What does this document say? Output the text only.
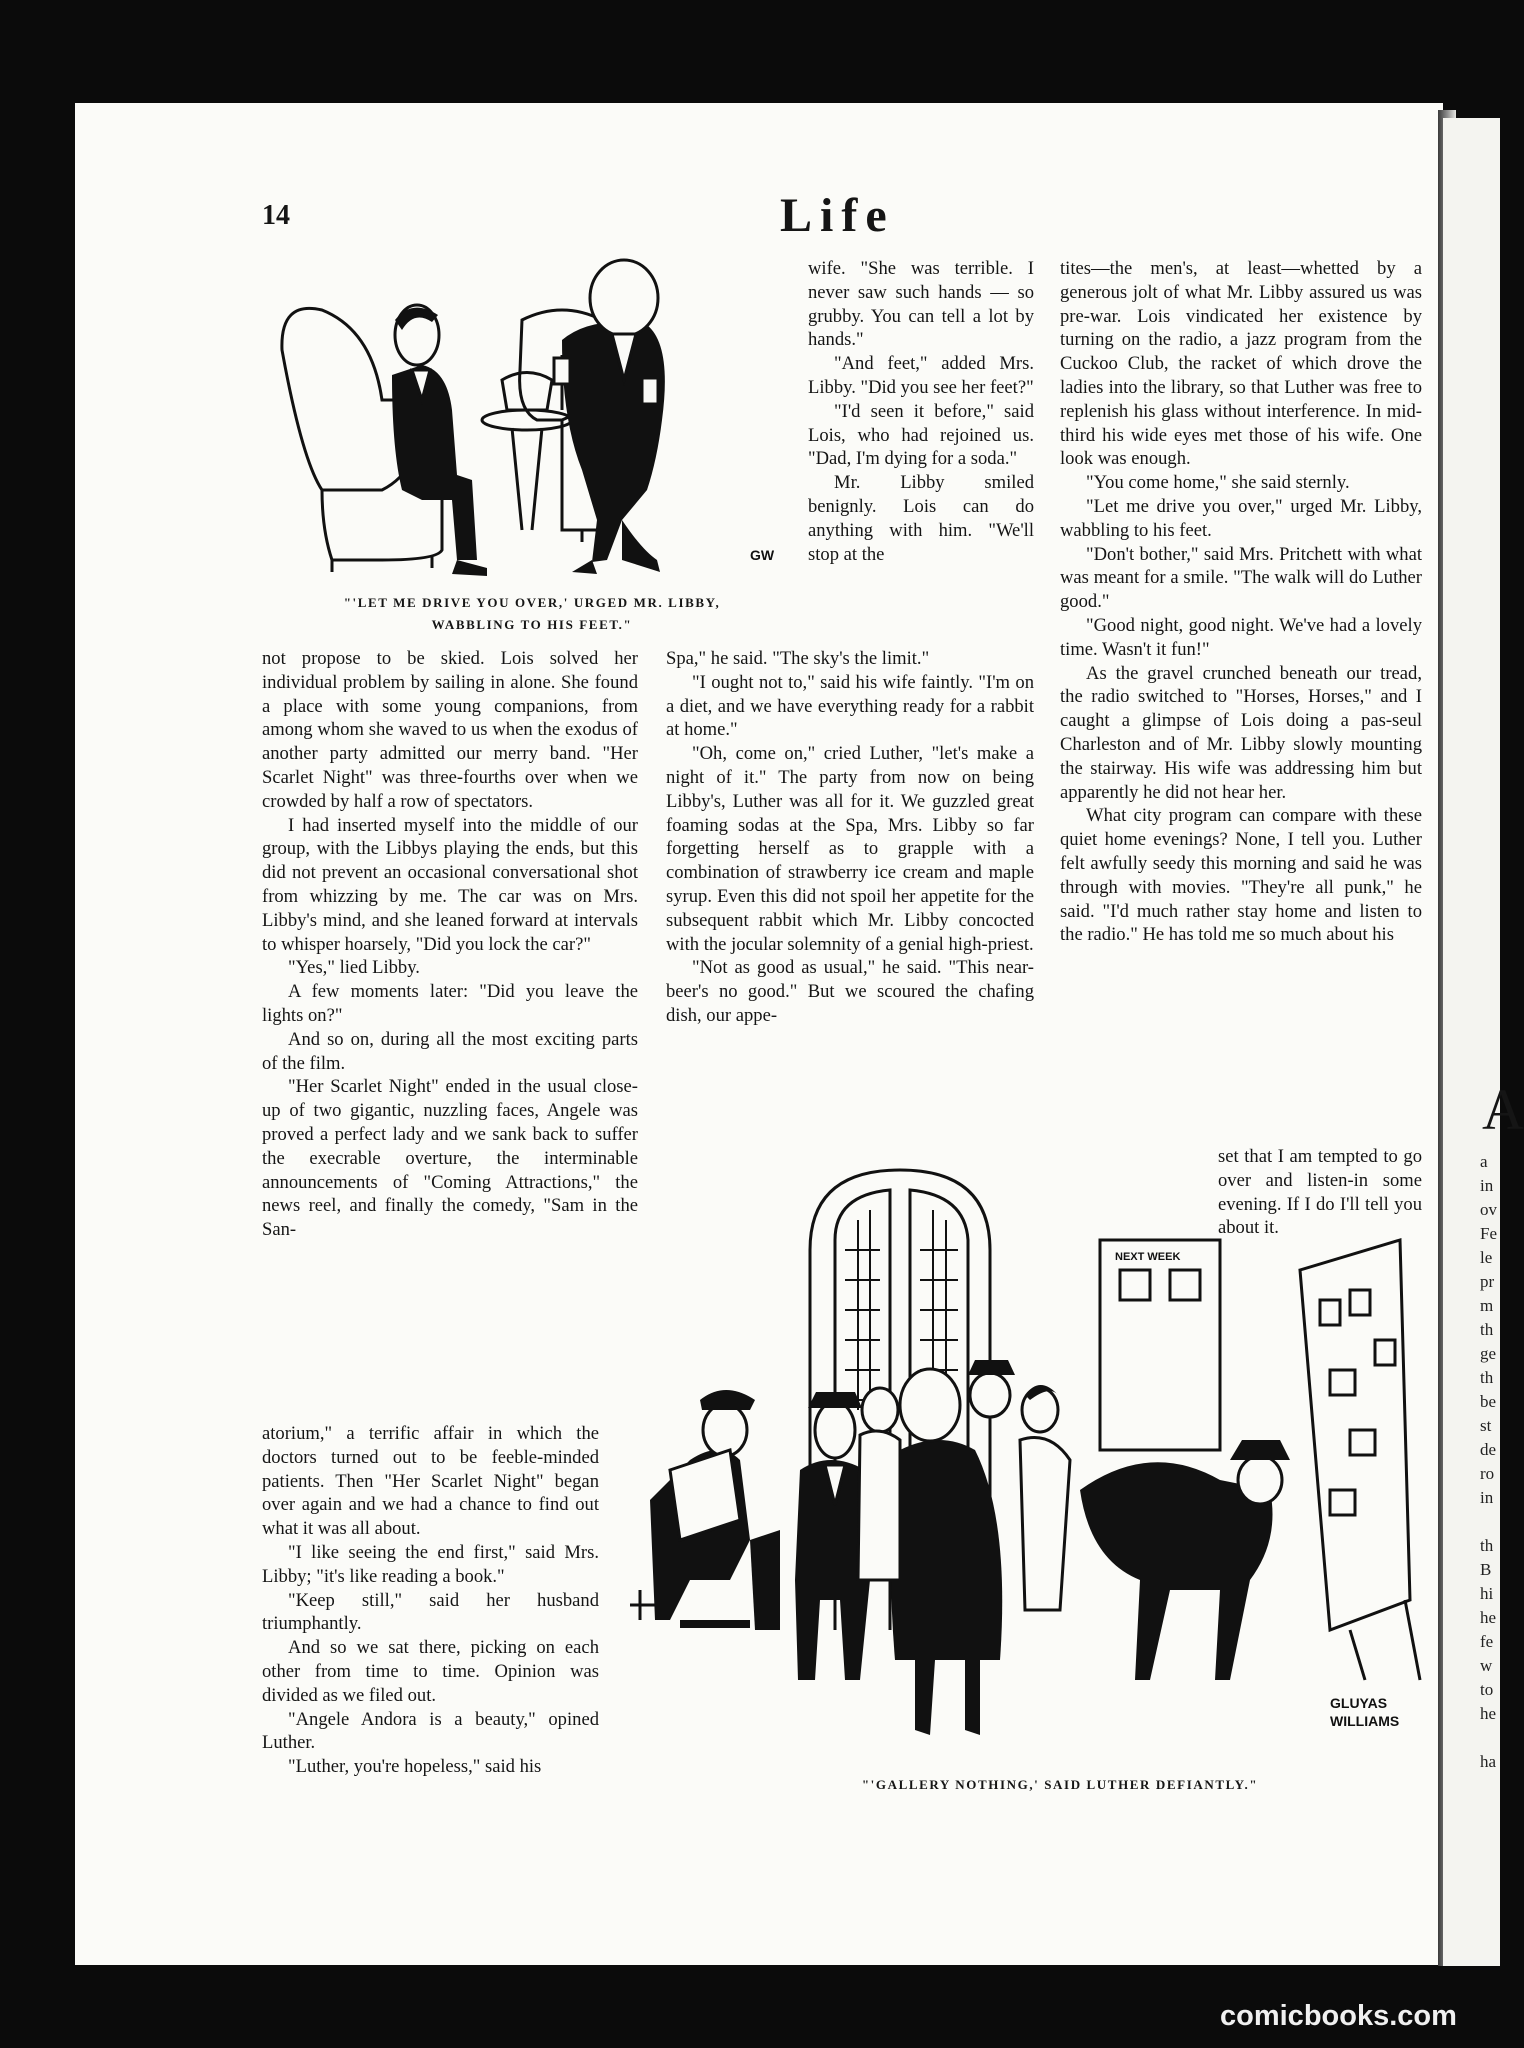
A
a
in
ov
Fe
le
pr
m
th
ge
th
be
st
de
ro
in

th
B
hi
he
fe
w
to
he

ha
14	Life
GW
"'LET ME DRIVE YOU OVER,' URGED MR. LIBBY,
WABBLING TO HIS FEET."

not propose to be skied. Lois solved her individual problem by sailing in alone. She found a place with some young companions, from among whom she waved to us when the exodus of another party admitted our merry band. "Her Scarlet Night" was three-fourths over when we crowded by half a row of spectators.

I had inserted myself into the middle of our group, with the Libbys playing the ends, but this did not prevent an occasional conversational shot from whizzing by me. The car was on Mrs. Libby's mind, and she leaned forward at intervals to whisper hoarsely, "Did you lock the car?"

"Yes," lied Libby.

A few moments later: "Did you leave the lights on?"

And so on, during all the most exciting parts of the film.

"Her Scarlet Night" ended in the usual close-up of two gigantic, nuzzling faces, Angele was proved a perfect lady and we sank back to suffer the execrable overture, the interminable announcements of "Coming Attractions," the news reel, and finally the comedy, "Sam in the San-

atorium," a terrific affair in which the doctors turned out to be feeble-minded patients. Then "Her Scarlet Night" began over again and we had a chance to find out what it was all about.

"I like seeing the end first," said Mrs. Libby; "it's like reading a book."

"Keep still," said her husband triumphantly.

And so we sat there, picking on each other from time to time. Opinion was divided as we filed out.

"Angele Andora is a beauty," opined Luther.

"Luther, you're hopeless," said his

wife. "She was terrible. I never saw such hands — so grubby. You can tell a lot by hands."

"And feet," added Mrs. Libby. "Did you see her feet?"

"I'd seen it before," said Lois, who had rejoined us. "Dad, I'm dying for a soda."

Mr. Libby smiled benignly. Lois can do anything with him. "We'll stop at the

Spa," he said. "The sky's the limit."

"I ought not to," said his wife faintly. "I'm on a diet, and we have everything ready for a rabbit at home."

"Oh, come on," cried Luther, "let's make a night of it." The party from now on being Libby's, Luther was all for it. We guzzled great foaming sodas at the Spa, Mrs. Libby so far forgetting herself as to grapple with a combination of strawberry ice cream and maple syrup. Even this did not spoil her appetite for the subsequent rabbit which Mr. Libby concocted with the jocular solemnity of a genial high-priest.

"Not as good as usual," he said. "This near-beer's no good." But we scoured the chafing dish, our appe-

tites—the men's, at least—whetted by a generous jolt of what Mr. Libby assured us was pre-war. Lois vindicated her existence by turning on the radio, a jazz program from the Cuckoo Club, the racket of which drove the ladies into the library, so that Luther was free to replenish his glass without interference. In mid-third his wide eyes met those of his wife. One look was enough.

"You come home," she said sternly.

"Let me drive you over," urged Mr. Libby, wabbling to his feet.

"Don't bother," said Mrs. Pritchett with what was meant for a smile. "The walk will do Luther good."

"Good night, good night. We've had a lovely time. Wasn't it fun!"

As the gravel crunched beneath our tread, the radio switched to "Horses, Horses," and I caught a glimpse of Lois doing a pas-seul Charleston and of Mr. Libby slowly mounting the stairway. His wife was addressing him but apparently he did not hear her.

What city program can compare with these quiet home evenings? None, I tell you. Luther felt awfully seedy this morning and said he was through with movies. "They're all punk," he said. "I'd much rather stay home and listen to the radio." He has told me so much about his

set that I am tempted to go over and listen-in some evening. If I do I'll tell you about it.

NEXT WEEK
GLUYAS
WILLIAMS
"'GALLERY NOTHING,' SAID LUTHER DEFIANTLY."
comicbooks.com
